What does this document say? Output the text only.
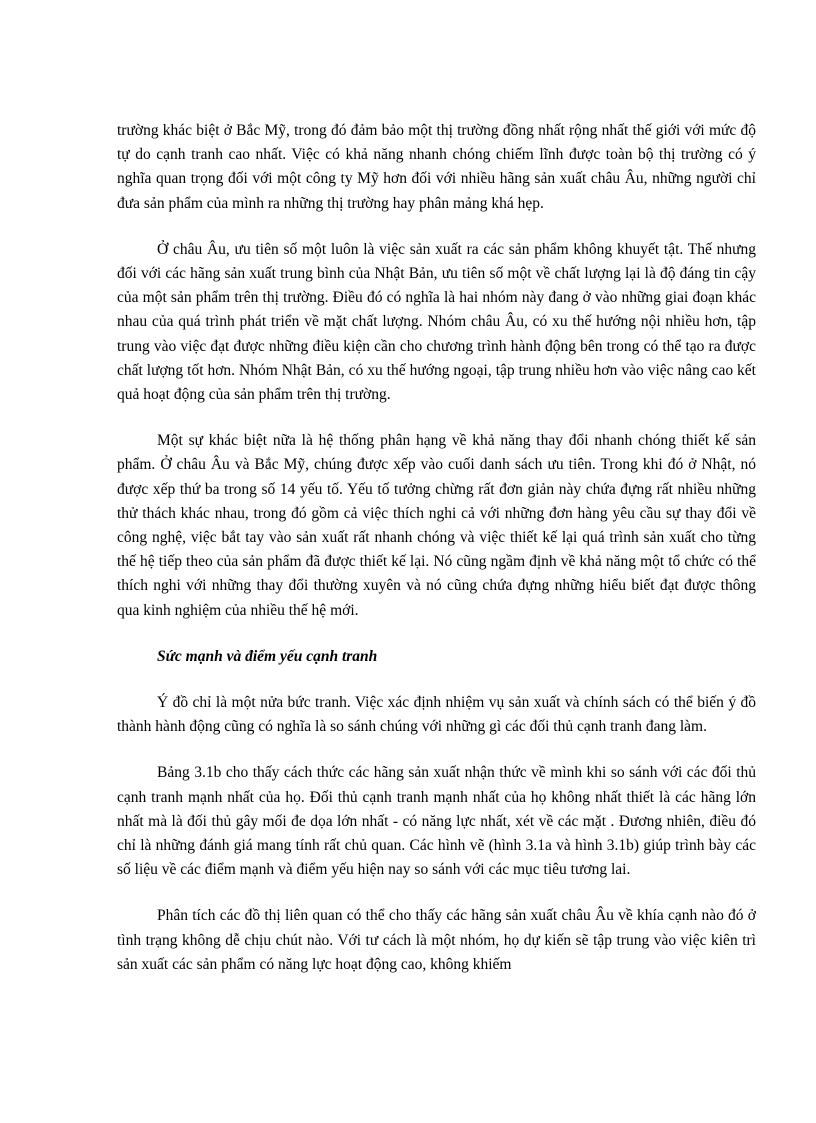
trường khác biệt ở Bắc Mỹ, trong đó đảm bảo một thị trường đồng nhất rộng nhất thế giới với mức độ tự do cạnh tranh cao nhất. Việc có khả năng nhanh chóng chiếm lĩnh được toàn bộ thị trường có ý nghĩa quan trọng đối với một công ty Mỹ hơn đối với nhiều hãng sản xuất châu Âu, những người chỉ đưa sản phẩm của mình ra những thị trường hay phân mảng khá hẹp.

Ở châu Âu, ưu tiên số một luôn là việc sản xuất ra các sản phẩm không khuyết tật. Thế nhưng đối với các hãng sản xuất trung bình của Nhật Bản, ưu tiên số một về chất lượng lại là độ đáng tin cậy của một sản phẩm trên thị trường. Điều đó có nghĩa là hai nhóm này đang ở vào những giai đoạn khác nhau của quá trình phát triển về mặt chất lượng. Nhóm châu Âu, có xu thế hướng nội nhiều hơn, tập trung vào việc đạt được những điều kiện cần cho chương trình hành động bên trong có thể tạo ra được chất lượng tốt hơn. Nhóm Nhật Bản, có xu thế hướng ngoại, tập trung nhiều hơn vào việc nâng cao kết quả hoạt động của sản phẩm trên thị trường.

Một sự khác biệt nữa là hệ thống phân hạng về khả năng thay đổi nhanh chóng thiết kế sản phẩm. Ở châu Âu và Bắc Mỹ, chúng được xếp vào cuối danh sách ưu tiên. Trong khi đó ở Nhật, nó được xếp thứ ba trong số 14 yếu tố. Yếu tố tưởng chừng rất đơn giản này chứa đựng rất nhiều những thử thách khác nhau, trong đó gồm cả việc thích nghi cả với những đơn hàng yêu cầu sự thay đổi về công nghệ, việc bắt tay vào sản xuất rất nhanh chóng và việc thiết kế lại quá trình sản xuất cho từng thế hệ tiếp theo của sản phẩm đã được thiết kế lại. Nó cũng ngầm định về khả năng một tổ chức có thể thích nghi với những thay đổi thường xuyên và nó cũng chứa đựng những hiểu biết đạt được thông qua kinh nghiệm của nhiều thế hệ mới.

Sức mạnh và điểm yếu cạnh tranh

Ý đồ chỉ là một nửa bức tranh. Việc xác định nhiệm vụ sản xuất và chính sách có thể biến ý đồ thành hành động cũng có nghĩa là so sánh chúng với những gì các đối thủ cạnh tranh đang làm.

Bảng 3.1b cho thấy cách thức các hãng sản xuất nhận thức về mình khi so sánh với các đối thủ cạnh tranh mạnh nhất của họ. Đối thủ cạnh tranh mạnh nhất của họ không nhất thiết là các hãng lớn nhất mà là đối thủ gây mối đe dọa lớn nhất - có năng lực nhất, xét về các mặt . Đương nhiên, điều đó chỉ là những đánh giá mang tính rất chủ quan. Các hình vẽ (hình 3.1a và hình 3.1b) giúp trình bày các số liệu về các điểm mạnh và điểm yếu hiện nay so sánh với các mục tiêu tương lai.

Phân tích các đồ thị liên quan có thể cho thấy các hãng sản xuất châu Âu về khía cạnh nào đó ở tình trạng không dễ chịu chút nào. Với tư cách là một nhóm, họ dự kiến sẽ tập trung vào việc kiên trì sản xuất các sản phẩm có năng lực hoạt động cao, không khiếm
